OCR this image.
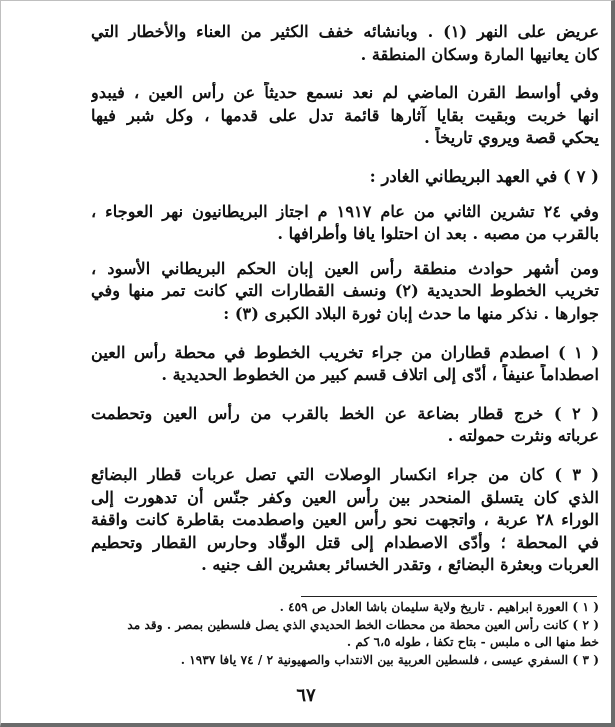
عريض على النهر (١) . وبانشائه خفف الكثير من العناء والأخطار التي
كان يعانيها المارة وسكان المنطقة .
وفي أواسط القرن الماضي لم نعد نسمع حديثاً عن رأس العين ، فيبدو
انها خربت وبقيت بقايا آثارها قائمة تدل على قدمها ، وكل شبر فيها
يحكي قصة ويروي تاريخاً .
( ٧ ) في العهد البريطاني الغادر :
وفي ٢٤ تشرين الثاني من عام ١٩١٧ م اجتاز البريطانيون نهر العوجاء ،
بالقرب من مصبه . بعد ان احتلوا يافا وأطرافها .
ومن أشهر حوادث منطقة رأس العين إبان الحكم البريطاني الأسود ،
تخريب الخطوط الحديدية (٢) ونسف القطارات التي كانت تمر منها وفي
جوارها . نذكر منها ما حدث إبان ثورة البلاد الكبرى (٣) :
( ١ ) اصطدم قطاران من جراء تخريب الخطوط في محطة رأس العين
اصطداماً عنيفاً ، أدّى إلى اتلاف قسم كبير من الخطوط الحديدية .
( ٢ ) خرج قطار بضاعة عن الخط بالقرب من رأس العين وتحطمت
عرباته ونثرت حمولته .
( ٣ ) كان من جراء انكسار الوصلات التي تصل عربات قطار البضائع
الذي كان يتسلق المنحدر بين رأس العين وكفر جنّس أن تدهورت إلى
الوراء ٢٨ عربة ، واتجهت نحو رأس العين واصطدمت بقاطرة كانت واقفة
في المحطة ؛ وأدّى الاصطدام إلى قتل الوقّاد وحارس القطار وتحطيم
العربات وبعثرة البضائع ، وتقدر الخسائر بعشرين الف جنيه .
( ١ ) العورة ابراهيم . تاريخ ولاية سليمان باشا العادل ص ٤٥٩ .
( ٢ ) كانت رأس العين محطة من محطات الخط الحديدي الذي يصل فلسطين بمصر . وقد مد
خط منها الى ه ملبس - بتاح تكفا ، طوله ٦،٥ كم .
( ٣ ) السفري عيسى ، فلسطين العربية بين الانتداب والصهيونية ٢ / ٧٤ يافا ١٩٣٧ .
٦٧
